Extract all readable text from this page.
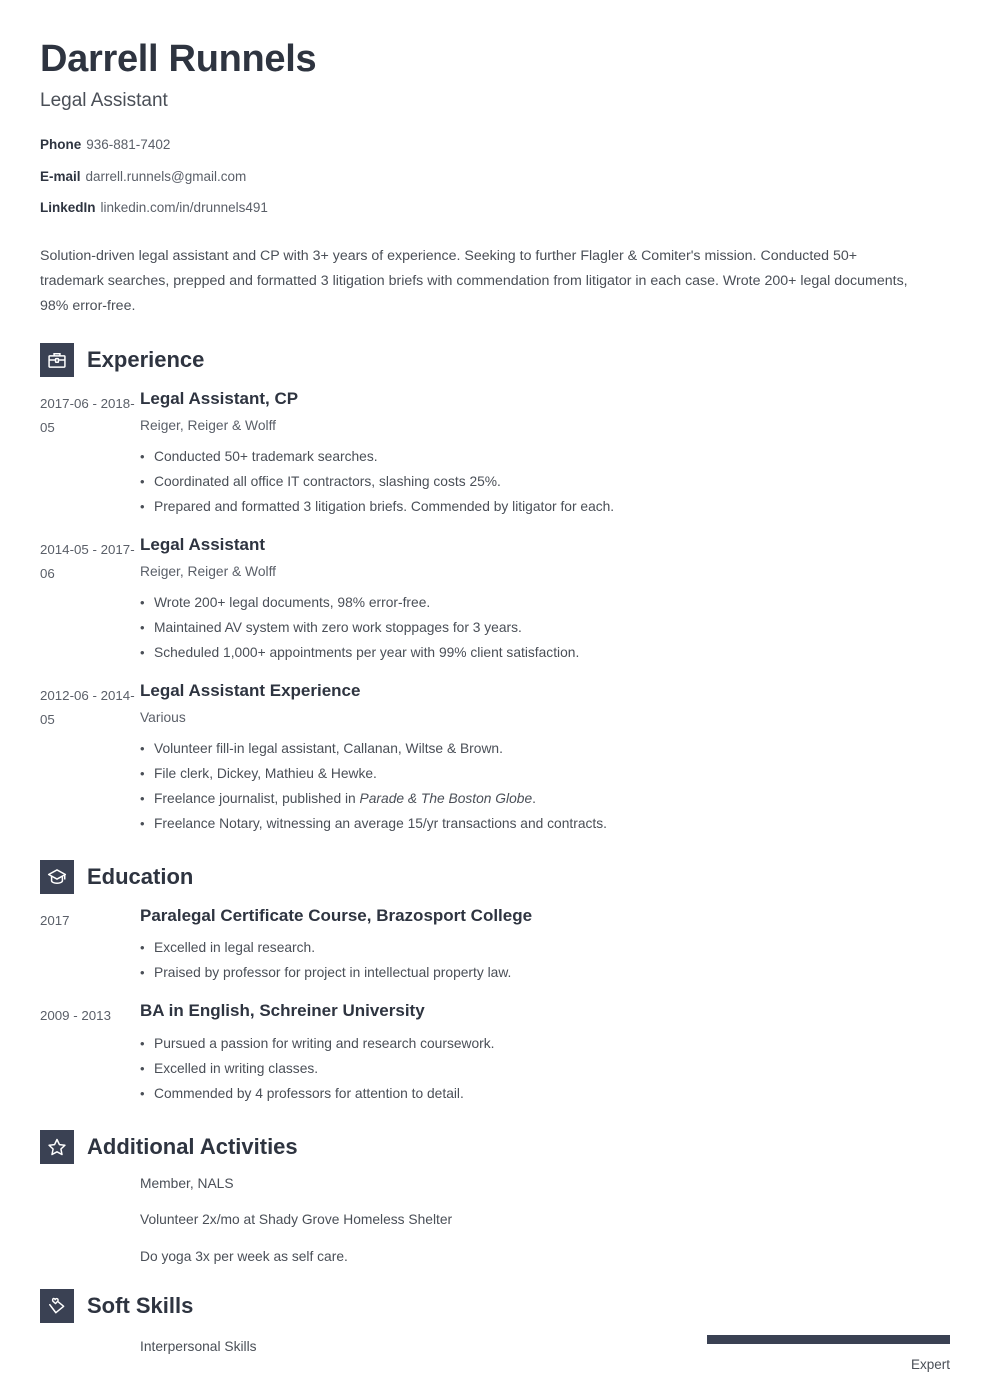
Darrell Runnels
Legal Assistant
Phone 936-881-7402
E-mail darrell.runnels@gmail.com
LinkedIn linkedin.com/in/drunnels491
Solution-driven legal assistant and CP with 3+ years of experience. Seeking to further Flagler & Comiter's mission. Conducted 50+ trademark searches, prepped and formatted 3 litigation briefs with commendation from litigator in each case. Wrote 200+ legal documents, 98% error-free.
Experience
2017-06 - 2018-05
Legal Assistant, CP
Reiger, Reiger & Wolff
• Conducted 50+ trademark searches.
• Coordinated all office IT contractors, slashing costs 25%.
• Prepared and formatted 3 litigation briefs. Commended by litigator for each.
2014-05 - 2017-06
Legal Assistant
Reiger, Reiger & Wolff
• Wrote 200+ legal documents, 98% error-free.
• Maintained AV system with zero work stoppages for 3 years.
• Scheduled 1,000+ appointments per year with 99% client satisfaction.
2012-06 - 2014-05
Legal Assistant Experience
Various
• Volunteer fill-in legal assistant, Callanan, Wiltse & Brown.
• File clerk, Dickey, Mathieu & Hewke.
• Freelance journalist, published in Parade & The Boston Globe.
• Freelance Notary, witnessing an average 15/yr transactions and contracts.
Education
2017	Paralegal Certificate Course, Brazosport College
• Excelled in legal research.
• Praised by professor for project in intellectual property law.
2009 - 2013	BA in English, Schreiner University
• Pursued a passion for writing and research coursework.
• Excelled in writing classes.
• Commended by 4 professors for attention to detail.
Additional Activities
Member, NALS
Volunteer 2x/mo at Shady Grove Homeless Shelter
Do yoga 3x per week as self care.
Soft Skills
Interpersonal Skills
Expert
